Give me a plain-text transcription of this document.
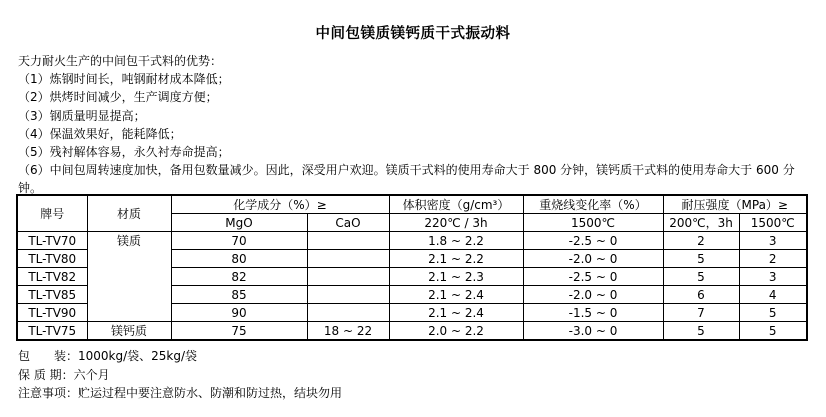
中间包镁质镁钙质干式振动料
天力耐火生产的中间包干式料的优势：
（1）炼钢时间长，吨钢耐材成本降低；
（2）烘烤时间减少，生产调度方便；
（3）钢质量明显提高；
（4）保温效果好，能耗降低；
（5）残衬解体容易，永久衬寿命提高；
（6）中间包周转速度加快，备用包数量减少。因此，深受用户欢迎。镁质干式料的使用寿命大于 800 分钟，镁钙质干式料的使用寿命大于 600 分钟。
牌号	材质	化学成分（%）≥		体积密度（g/cm³）	重烧线变化率（%）	耐压强度（MPa）≥	
		MgO	CaO	220℃ / 3h	1500℃	200℃，3h	1500℃
TL-TV70	镁质	70		1.8 ~ 2.2	-2.5 ~ 0	2	3
TL-TV80		80		2.1 ~ 2.2	-2.0 ~ 0	5	2
TL-TV82		82		2.1 ~ 2.3	-2.5 ~ 0	5	3
TL-TV85		85		2.1 ~ 2.4	-2.0 ~ 0	6	4
TL-TV90		90		2.1 ~ 2.4	-1.5 ~ 0	7	5
TL-TV75	镁钙质	75	18 ~ 22	2.0 ~ 2.2	-3.0 ~ 0	5	5
包　　装：1000kg/袋、25kg/袋
保 质 期：六个月
注意事项：贮运过程中要注意防水、防潮和防过热，结块勿用
